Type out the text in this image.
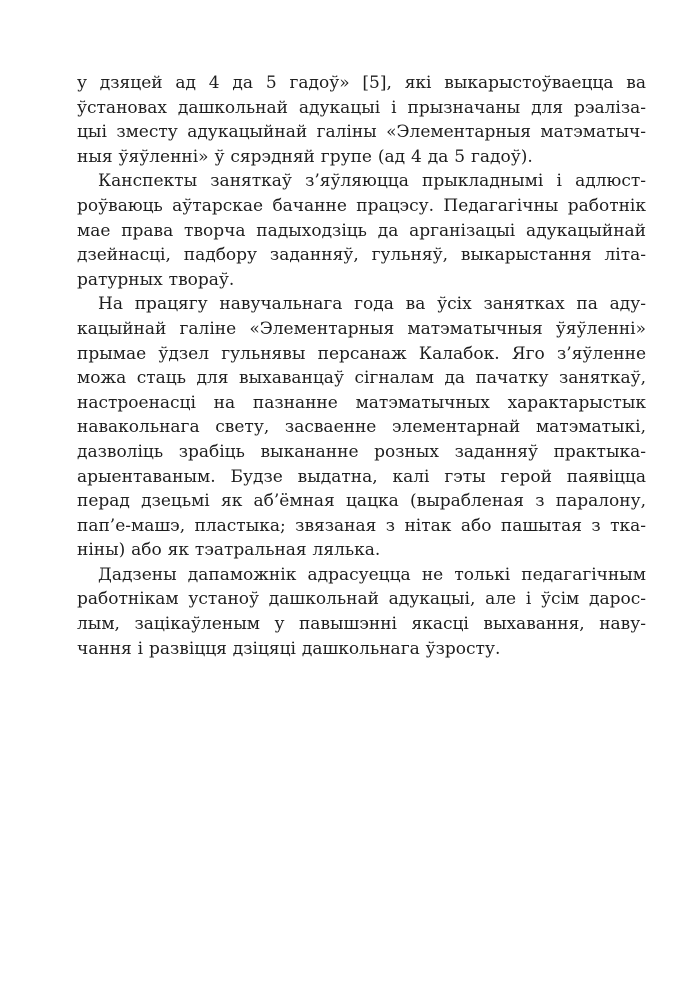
у дзяцей ад 4 да 5 гадоў» [5], які выкарыстоўваецца ва
ўстановах дашкольнай адукацыі і прызначаны для рэаліза-
цыі зместу адукацыйнай галіны «Элементарныя матэматыч-
ныя ўяўленні» ў сярэдняй групе (ад 4 да 5 гадоў).
Канспекты заняткаў з’яўляюцца прыкладнымі і адлюст-
роўваюць аўтарскае бачанне працэсу. Педагагічны работнік
мае права творча падыходзіць да арганізацыі адукацыйнай
дзейнасці, падбору заданняў, гульняў, выкарыстання літа-
ратурных твораў.
На працягу навучальнага года ва ўсіх занятках па аду-
кацыйнай галіне «Элементарныя матэматычныя ўяўленні»
прымае ўдзел гульнявы персанаж Калабок. Яго з’яўленне
можа стаць для выхаванцаў сігналам да пачатку заняткаў,
настроенасці на пазнанне матэматычных характарыстык
навакольнага свету, засваенне элементарнай матэматыкі,
дазволіць зрабіць выкананне розных заданняў практыка-
арыентаваным. Будзе выдатна, калі гэты герой паявіцца
перад дзецьмі як аб’ёмная цацка (вырабленая з паралону,
пап’е-машэ, пластыка; звязаная з нітак або пашытая з тка-
ніны) або як тэатральная лялька.
Дадзены дапаможнік адрасуецца не толькі педагагічным
работнікам устаноў дашкольнай адукацыі, але і ўсім дарос-
лым, зацікаўленым у павышэнні якасці выхавання, наву-
чання і развіцця дзіцяці дашкольнага ўзросту.
